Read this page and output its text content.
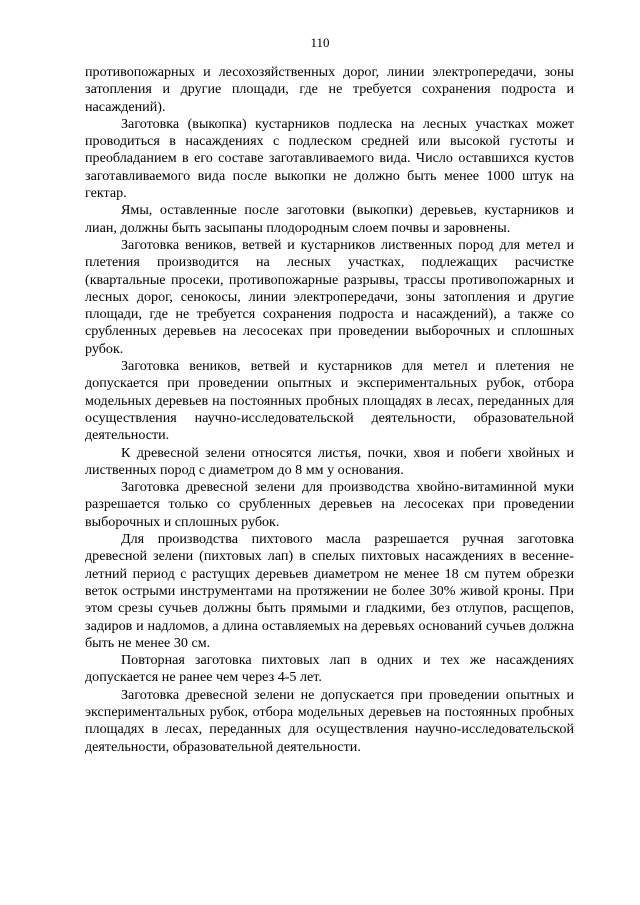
110

противопожарных и лесохозяйственных дорог, линии электропередачи, зоны затопления и другие площади, где не требуется сохранения подроста и насаждений).

Заготовка (выкопка) кустарников подлеска на лесных участках может проводиться в насаждениях с подлеском средней или высокой густоты и преобладанием в его составе заготавливаемого вида. Число оставшихся кустов заготавливаемого вида после выкопки не должно быть менее 1000 штук на гектар.

Ямы, оставленные после заготовки (выкопки) деревьев, кустарников и лиан, должны быть засыпаны плодородным слоем почвы и заровнены.

Заготовка веников, ветвей и кустарников лиственных пород для метел и плетения производится на лесных участках, подлежащих расчистке (квартальные просеки, противопожарные разрывы, трассы противопожарных и лесных дорог, сенокосы, линии электропередачи, зоны затопления и другие площади, где не требуется сохранения подроста и насаждений), а также со срубленных деревьев на лесосеках при проведении выборочных и сплошных рубок.

Заготовка веников, ветвей и кустарников для метел и плетения не допускается при проведении опытных и экспериментальных рубок, отбора модельных деревьев на постоянных пробных площадях в лесах, переданных для осуществления научно-исследовательской деятельности, образовательной деятельности.

К древесной зелени относятся листья, почки, хвоя и побеги хвойных и лиственных пород с диаметром до 8 мм у основания.

Заготовка древесной зелени для производства хвойно-витаминной муки разрешается только со срубленных деревьев на лесосеках при проведении выборочных и сплошных рубок.

Для производства пихтового масла разрешается ручная заготовка древесной зелени (пихтовых лап) в спелых пихтовых насаждениях в весенне-летний период с растущих деревьев диаметром не менее 18 см путем обрезки веток острыми инструментами на протяжении не более 30% живой кроны. При этом срезы сучьев должны быть прямыми и гладкими, без отлупов, расщепов, задиров и надломов, а длина оставляемых на деревьях оснований сучьев должна быть не менее 30 см.

Повторная заготовка пихтовых лап в одних и тех же насаждениях допускается не ранее чем через 4-5 лет.

Заготовка древесной зелени не допускается при проведении опытных и экспериментальных рубок, отбора модельных деревьев на постоянных пробных площадях в лесах, переданных для осуществления научно-исследовательской деятельности, образовательной деятельности.
